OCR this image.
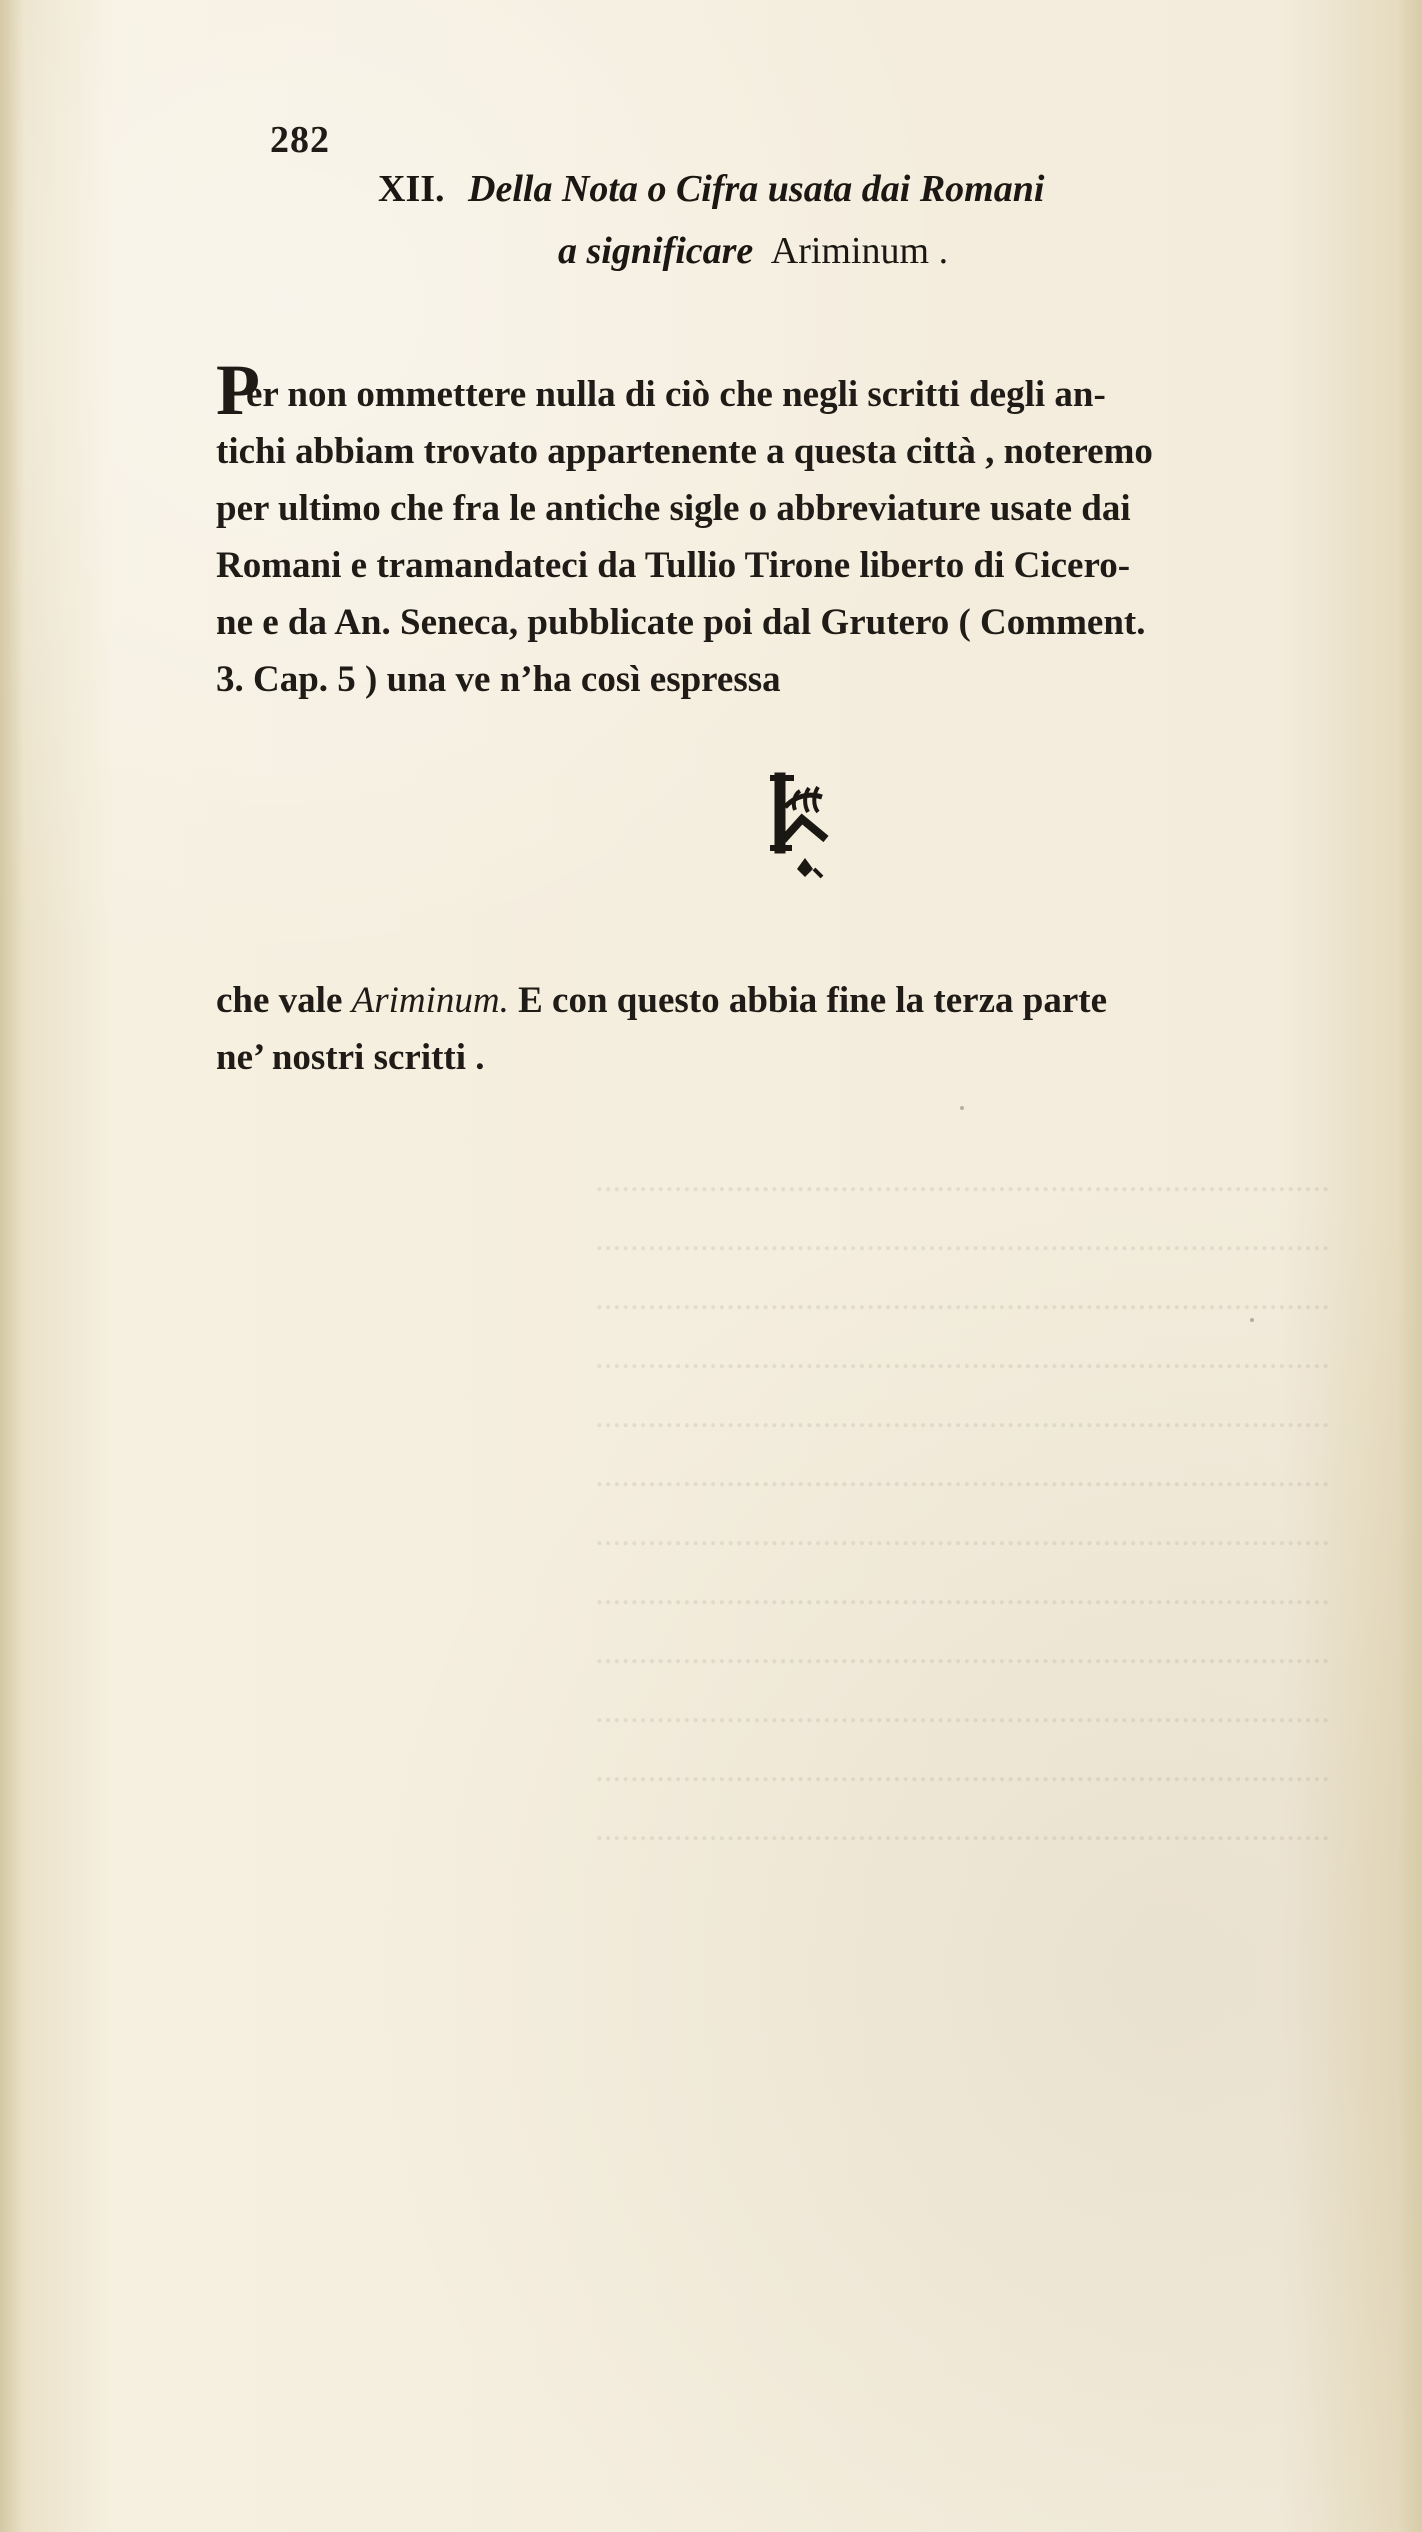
282
XII. Della Nota o Cifra usata dai Romani
a significare Ariminum .
P
er non ommettere nulla di ciò che negli scritti degli an-
tichi abbiam trovato appartenente a questa città , noteremo
per ultimo che fra le antiche sigle o abbreviature usate dai
Romani e tramandateci da Tullio Tirone liberto di Cicero-
ne e da An. Seneca, pubblicate poi dal Grutero ( Comment.
3. Cap. 5 ) una ve n’ha così espressa
che vale Ariminum. E con questo abbia fine la terza parte
ne’ nostri scritti .
....................................................................................
....................................................................................
....................................................................................
....................................................................................
....................................................................................
....................................................................................
....................................................................................
....................................................................................
....................................................................................
....................................................................................
....................................................................................
....................................................................................
